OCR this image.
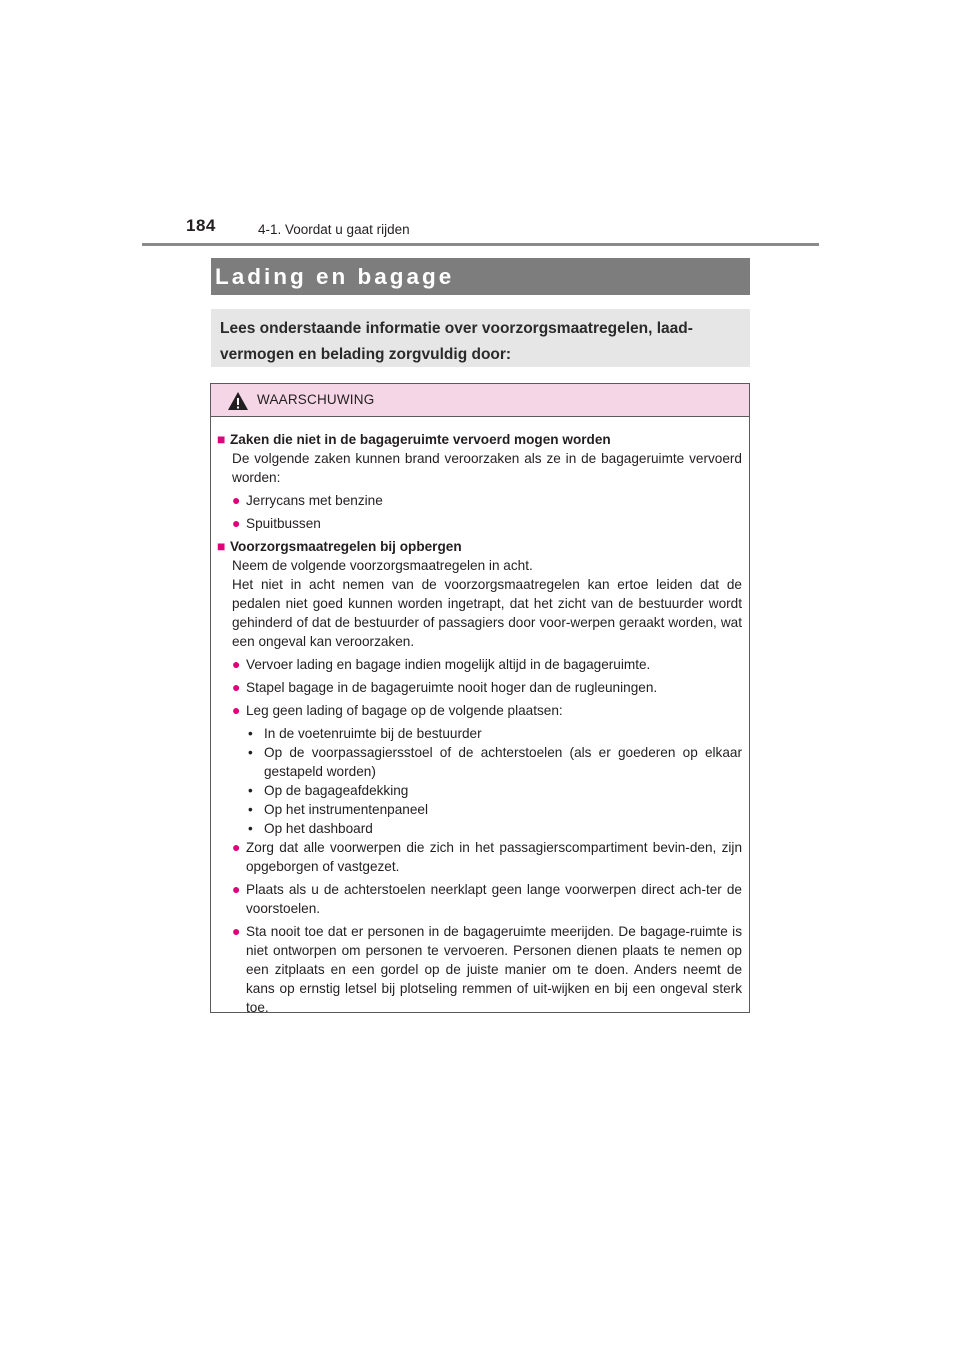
184	4-1. Voordat u gaat rijden
Lading en bagage
Lees onderstaande informatie over voorzorgsmaatregelen, laad-vermogen en belading zorgvuldig door:
WAARSCHUWING
■ Zaken die niet in de bagageruimte vervoerd mogen worden
De volgende zaken kunnen brand veroorzaken als ze in de bagageruimte vervoerd worden:
● Jerrycans met benzine
● Spuitbussen
■ Voorzorgsmaatregelen bij opbergen
Neem de volgende voorzorgsmaatregelen in acht.
Het niet in acht nemen van de voorzorgsmaatregelen kan ertoe leiden dat de pedalen niet goed kunnen worden ingetrapt, dat het zicht van de bestuurder wordt gehinderd of dat de bestuurder of passagiers door voor-werpen geraakt worden, wat een ongeval kan veroorzaken.
● Vervoer lading en bagage indien mogelijk altijd in de bagageruimte.
● Stapel bagage in de bagageruimte nooit hoger dan de rugleuningen.
● Leg geen lading of bagage op de volgende plaatsen:
• In de voetenruimte bij de bestuurder
• Op de voorpassagiersstoel of de achterstoelen (als er goederen op elkaar gestapeld worden)
• Op de bagageafdekking
• Op het instrumentenpaneel
• Op het dashboard
● Zorg dat alle voorwerpen die zich in het passagierscompartiment bevin-den, zijn opgeborgen of vastgezet.
● Plaats als u de achterstoelen neerklapt geen lange voorwerpen direct ach-ter de voorstoelen.
● Sta nooit toe dat er personen in de bagageruimte meerijden. De bagage-ruimte is niet ontworpen om personen te vervoeren. Personen dienen plaats te nemen op een zitplaats en een gordel op de juiste manier om te doen. Anders neemt de kans op ernstig letsel bij plotseling remmen of uit-wijken en bij een ongeval sterk toe.
